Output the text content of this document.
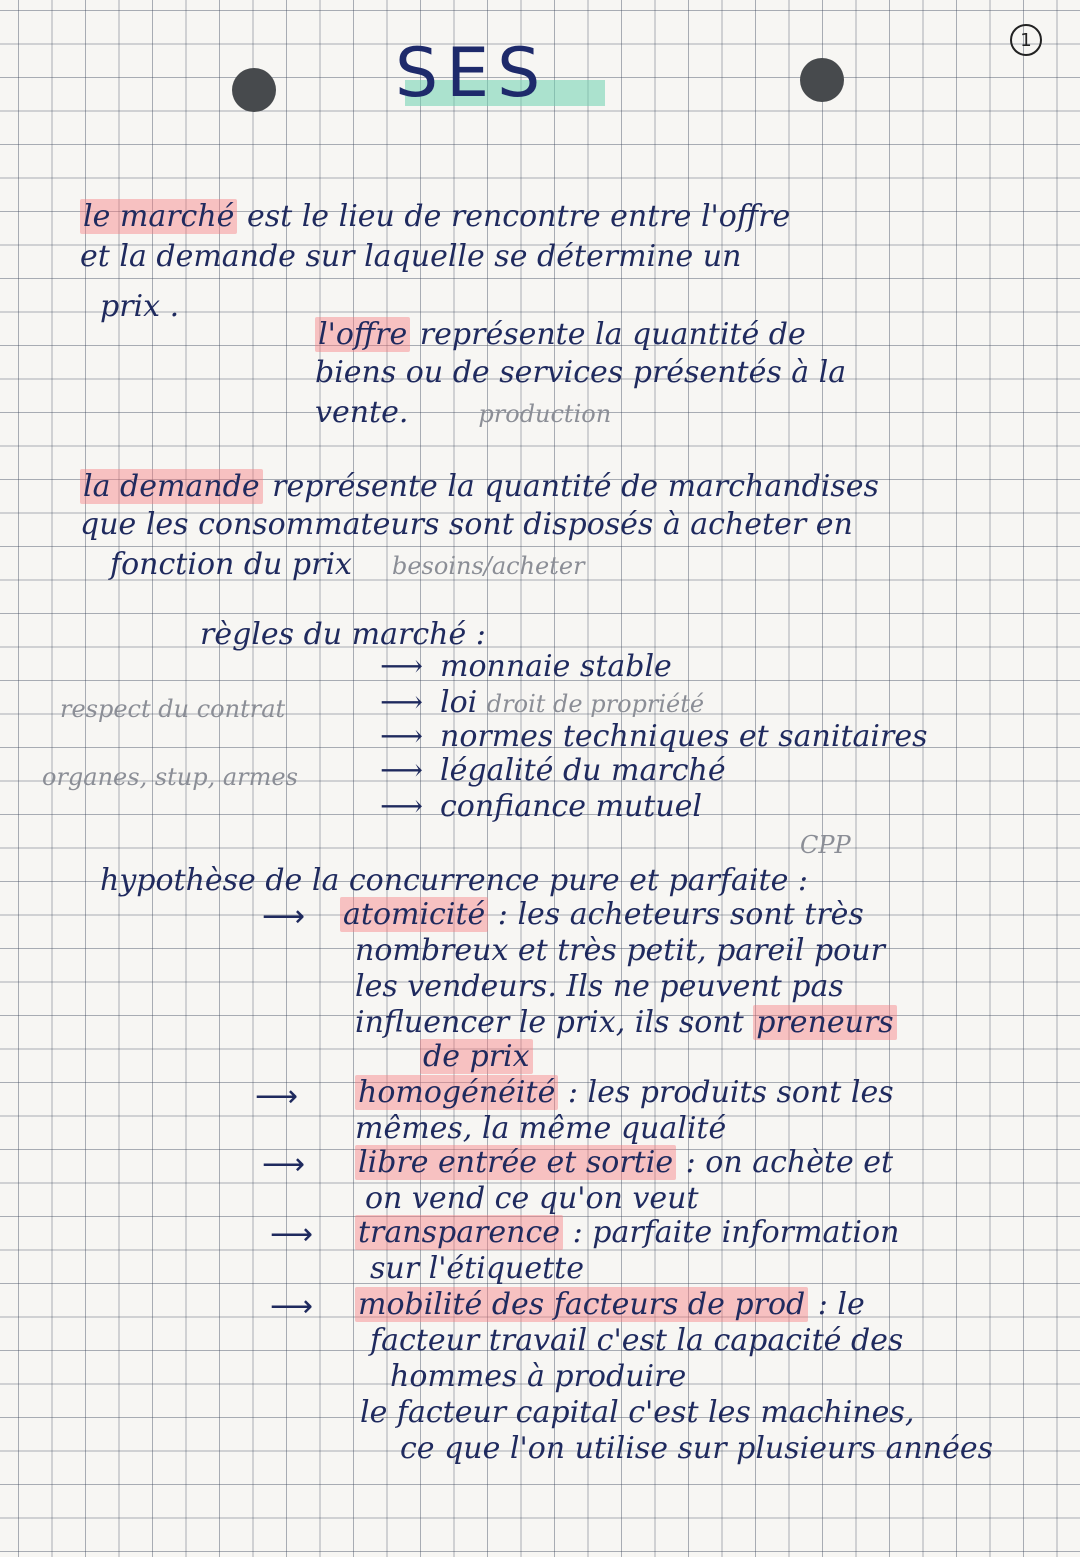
1
SES
le marché est le lieu de rencontre entre l'offre
et la demande sur laquelle se détermine un
prix .
l'offre représente la quantité de
biens ou de services présentés à la
vente.	production
la demande représente la quantité de marchandises
que les consommateurs sont disposés à acheter en
fonction du prix besoins/acheter
règles du marché :
⟶ monnaie stable
respect du contrat	⟶ loi droit de propriété
⟶ normes techniques et sanitaires
organes, stup, armes	⟶ légalité du marché
⟶ confiance mutuel
CPP
hypothèse de la concurrence pure et parfaite :
⟶ atomicité : les acheteurs sont très
nombreux et très petit, pareil pour
les vendeurs. Ils ne peuvent pas
influencer le prix, ils sont preneurs
de prix
⟶ homogénéité : les produits sont les
mêmes, la même qualité
⟶ libre entrée et sortie : on achète et
on vend ce qu'on veut
⟶ transparence : parfaite information
sur l'étiquette
⟶ mobilité des facteurs de prod : le
facteur travail c'est la capacité des
hommes à produire
le facteur capital c'est les machines,
ce que l'on utilise sur plusieurs années
